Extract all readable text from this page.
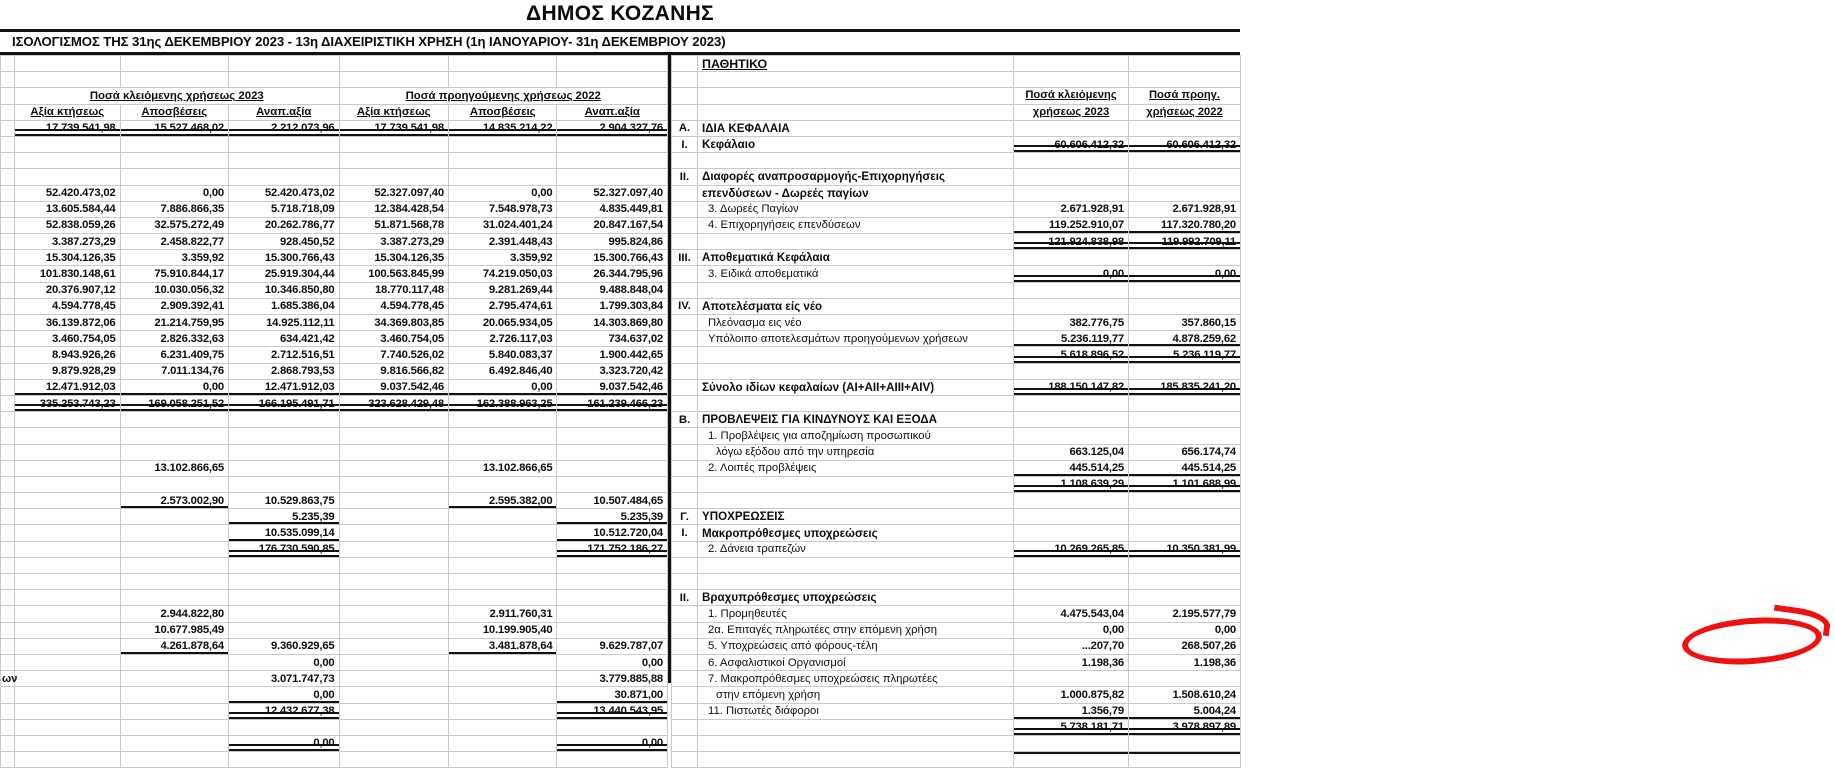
ΔΗΜΟΣ ΚΟΖΑΝΗΣ
ΙΣΟΛΟΓΙΣΜΟΣ ΤΗΣ 31ης ΔΕΚΕΜΒΡΙΟΥ 2023 - 13η ΔΙΑΧΕΙΡΙΣΤΙΚΗ ΧΡΗΣΗ (1η ΙΑΝΟΥΑΡΙΟΥ- 31η ΔΕΚΕΜΒΡΙΟΥ 2023)

	Ποσά κλειόμενης χρήσεως 2023			Ποσά προηγούμενης χρήσεως 2022		
	Αξία κτήσεως	Αποσβέσεις	Αναπ.αξία	Αξία κτήσεως	Αποσβέσεις	Αναπ.αξία
	17.739.541,98	15.527.468,02	2.212.073,96	17.739.541,98	14.835.214,22	2.904.327,76

	52.420.473,02	0,00	52.420.473,02	52.327.097,40	0,00	52.327.097,40
	13.605.584,44	7.886.866,35	5.718.718,09	12.384.428,54	7.548.978,73	4.835.449,81
	52.838.059,26	32.575.272,49	20.262.786,77	51.871.568,78	31.024.401,24	20.847.167,54
	3.387.273,29	2.458.822,77	928.450,52	3.387.273,29	2.391.448,43	995.824,86
	15.304.126,35	3.359,92	15.300.766,43	15.304.126,35	3.359,92	15.300.766,43
	101.830.148,61	75.910.844,17	25.919.304,44	100.563.845,99	74.219.050,03	26.344.795,96
	20.376.907,12	10.030.056,32	10.346.850,80	18.770.117,48	9.281.269,44	9.488.848,04
	4.594.778,45	2.909.392,41	1.685.386,04	4.594.778,45	2.795.474,61	1.799.303,84
	36.139.872,06	21.214.759,95	14.925.112,11	34.369.803,85	20.065.934,05	14.303.869,80
	3.460.754,05	2.826.332,63	634.421,42	3.460.754,05	2.726.117,03	734.637,02
	8.943.926,26	6.231.409,75	2.712.516,51	7.740.526,02	5.840.083,37	1.900.442,65
	9.879.928,29	7.011.134,76	2.868.793,53	9.816.566,82	6.492.846,40	3.323.720,42
	12.471.912,03	0,00	12.471.912,03	9.037.542,46	0,00	9.037.542,46
	335.253.743,23	169.058.251,52	166.195.491,71	323.628.429,48	162.388.963,25	161.239.466,23

		13.102.866,65			13.102.866,65	

		2.573.002,90	10.529.863,75		2.595.382,00	10.507.484,65
			5.235,39			5.235,39
			10.535.099,14			10.512.720,04
			176.730.590,85			171.752.186,27

		2.944.822,80			2.911.760,31	
		10.677.985,49			10.199.905,40	
		4.261.878,64	9.360.929,65		3.481.878,64	9.629.787,07
			0,00			0,00
ων			3.071.747,73			3.779.885,88
			0,00			30.871,00
			12.432.677,38			13.440.543,95

			0,00			0,00

	ΠΑΘΗΤΙΚΟ		

		Ποσά κλειόμενης	Ποσά προηγ.
		χρήσεως 2023	χρήσεως 2022
Α.	ΙΔΙΑ ΚΕΦΑΛΑΙΑ		
Ι.	Κεφάλαιο	60.606.412,32	60.606.412,32

ΙΙ.	Διαφορές αναπροσαρμογής-Επιχορηγήσεις		
	επενδύσεων - Δωρεές παγίων		
	3. Δωρεές Παγίων	2.671.928,91	2.671.928,91
	4. Επιχορηγήσεις επενδύσεων	119.252.910,07	117.320.780,20
		121.924.838,98	119.992.709,11
ΙΙΙ.	Αποθεματικά Κεφάλαια		
	3. Ειδικά αποθεματικά	0,00	0,00

ΙV.	Αποτελέσματα είς νέο		
	Πλεόνασμα εις νέο	382.776,75	357.860,15
	Υπόλοιπο αποτελεσμάτων προηγούμενων χρήσεων	5.236.119,77	4.878.259,62
		5.618.896,52	5.236.119,77

	Σύνολο ιδίων κεφαλαίων (ΑΙ+ΑΙΙ+ΑΙΙΙ+ΑΙV)	188.150.147,82	185.835.241,20

Β.	ΠΡΟΒΛΕΨΕΙΣ ΓΙΑ ΚΙΝΔΥΝΟΥΣ ΚΑΙ ΕΞΟΔΑ		
	1. Προβλέψεις για αποζημίωση προσωπικού		
	λόγω εξόδου από την υπηρεσία	663.125,04	656.174,74
	2. Λοιπές προβλέψεις	445.514,25	445.514,25
		1.108.639,29	1.101.688,99

Γ.	ΥΠΟΧΡΕΩΣΕΙΣ		
Ι.	Μακροπρόθεσμες υποχρεώσεις		
	2. Δάνεια τραπεζών	10.269.265,85	10.350.381,99

ΙΙ.	Βραχυπρόθεσμες υποχρεώσεις		
	1. Προμηθευτές	4.475.543,04	2.195.577,79
	2α. Επιταγές πληρωτέες στην επόμενη χρήση	0,00	0,00
	5. Υποχρεώσεις από φόρους-τέλη	...207,70	268.507,26
	6. Ασφαλιστικοί Οργανισμοί	1.198,36	1.198,36
	7. Μακροπρόθεσμες υποχρεώσεις πληρωτέες		
	στην επόμενη χρήση	1.000.875,82	1.508.610,24
	11. Πιστωτές διάφοροι	1.356,79	5.004,24
		5.738.181,71	3.978.897,89
